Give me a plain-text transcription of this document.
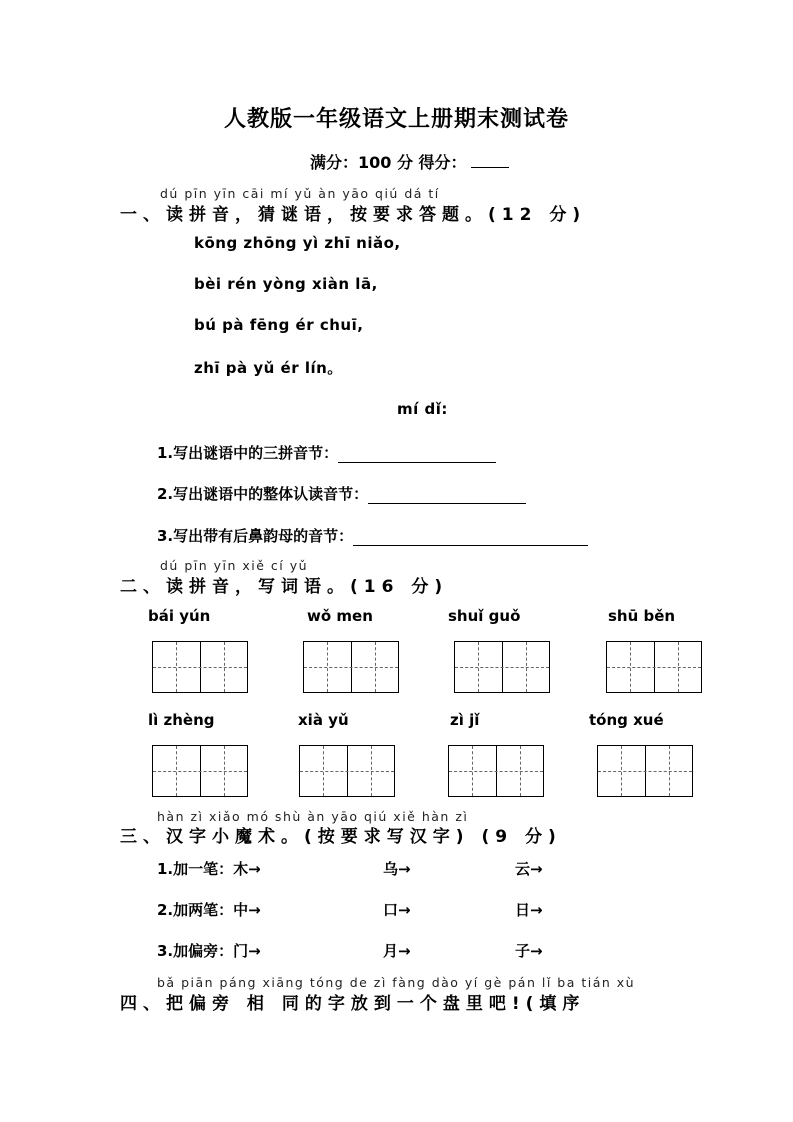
人教版一年级语文上册期末测试卷
满分：100 分 得分：
dú pīn yīn cāi mí yǔ àn yāo qiú dá tí
一、读拼音，猜谜语，按要求答题。(12 分)
kōng zhōng yì zhī niǎo,
bèi rén yòng xiàn lā,
bú pà fēng ér chuī,
zhī pà yǔ ér lín。
mí dǐ:
1.写出谜语中的三拼音节：
2.写出谜语中的整体认读音节：
3.写出带有后鼻韵母的音节：
dú pīn yīn xiě cí yǔ
二、读拼音，写词语。(16 分)
bái yún	wǒ men	shuǐ guǒ	shū běn
lì zhèng	xià yǔ	zì jǐ	tóng xué
hàn zì xiǎo mó shù àn yāo qiú xiě hàn zì
三、汉字小魔术。(按要求写汉字) (9 分)
1.加一笔：木→	乌→	云→
2.加两笔：中→	口→	日→
3.加偏旁：门→	月→	子→
bǎ piān páng xiāng tóng de zì fàng dào yí gè pán lǐ ba tián xù
四、把偏旁 相 同的字放到一个盘里吧!(填序
